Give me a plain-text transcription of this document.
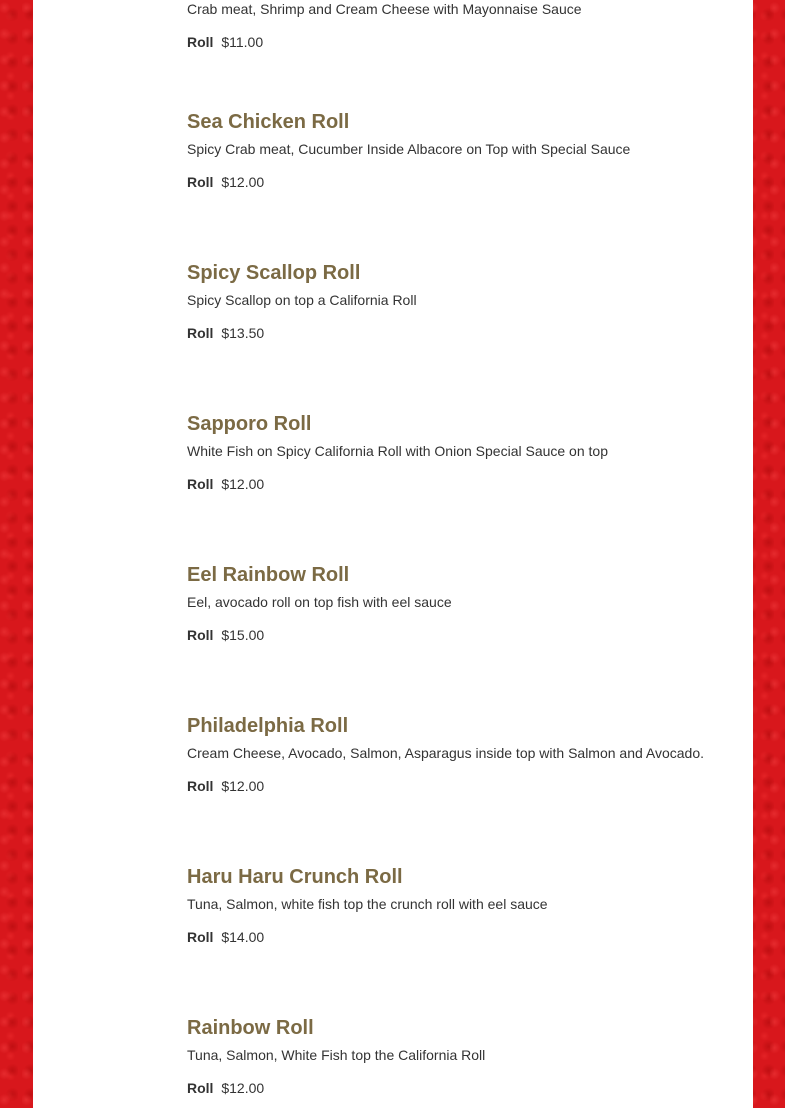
Crab meat, Shrimp and Cream Cheese with Mayonnaise Sauce
Roll $11.00
Sea Chicken Roll
Spicy Crab meat, Cucumber Inside Albacore on Top with Special Sauce
Roll $12.00
Spicy Scallop Roll
Spicy Scallop on top a California Roll
Roll $13.50
Sapporo Roll
White Fish on Spicy California Roll with Onion Special Sauce on top
Roll $12.00
Eel Rainbow Roll
Eel, avocado roll on top fish with eel sauce
Roll $15.00
Philadelphia Roll
Cream Cheese, Avocado, Salmon, Asparagus inside top with Salmon and Avocado.
Roll $12.00
Haru Haru Crunch Roll
Tuna, Salmon, white fish top the crunch roll with eel sauce
Roll $14.00
Rainbow Roll
Tuna, Salmon, White Fish top the California Roll
Roll $12.00
